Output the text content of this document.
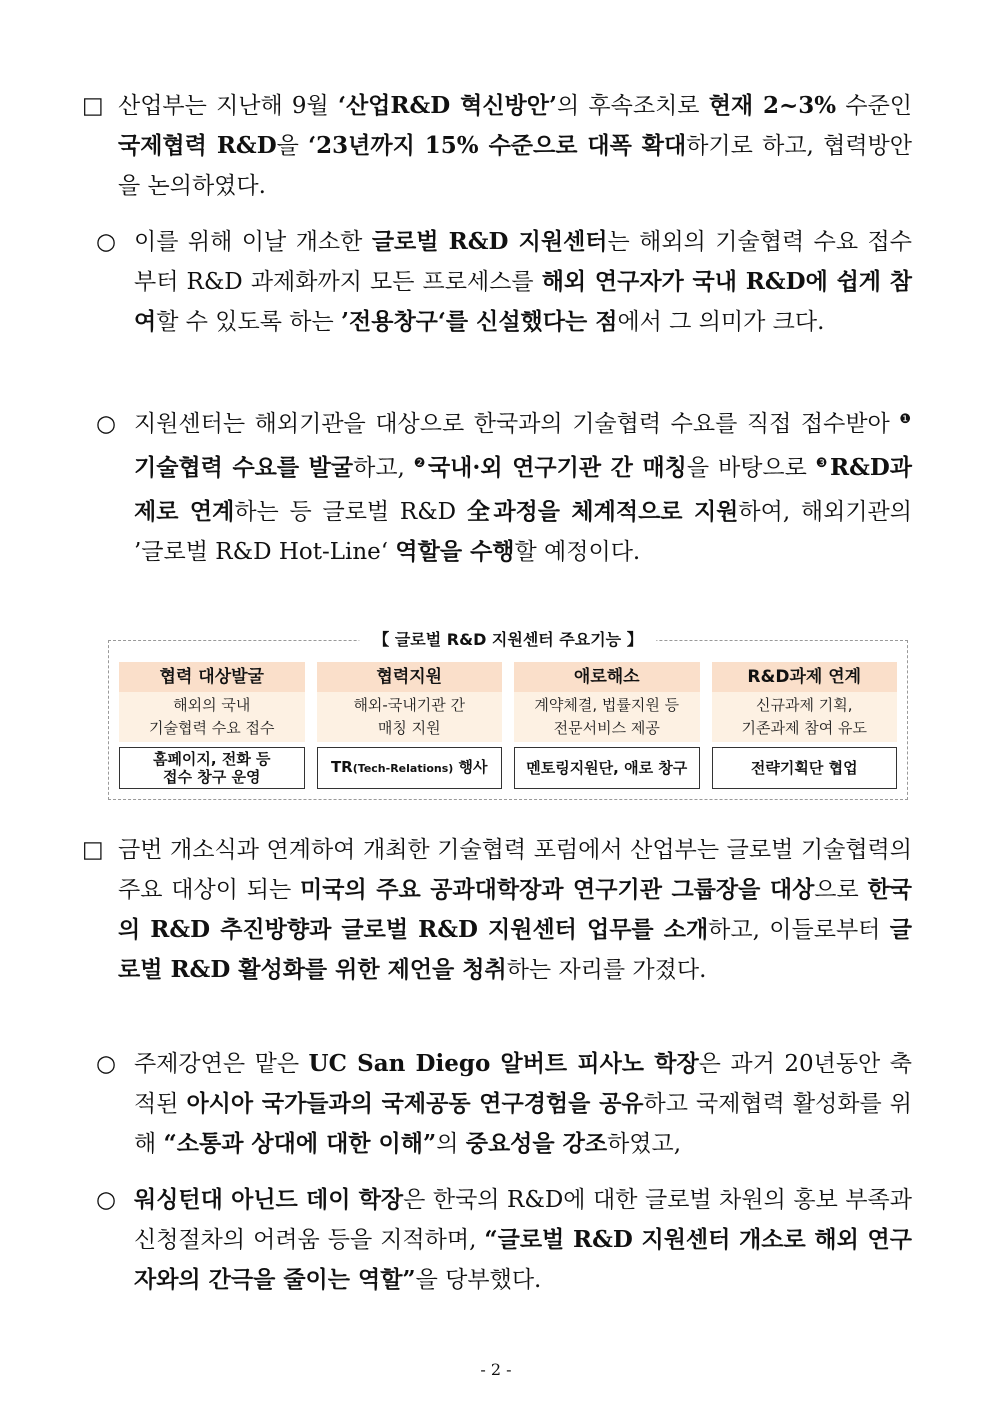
□ 산업부는 지난해 9월 ‘산업R&D 혁신방안’의 후속조치로 현재 2~3% 수준인 국제협력 R&D을 ‘23년까지 15% 수준으로 대폭 확대하기로 하고, 협력방안을 논의하였다.
○ 이를 위해 이날 개소한 글로벌 R&D 지원센터는 해외의 기술협력 수요 접수부터 R&D 과제화까지 모든 프로세스를 해외 연구자가 국내 R&D에 쉽게 참여할 수 있도록 하는 ’전용창구‘를 신설했다는 점에서 그 의미가 크다.
○ 지원센터는 해외기관을 대상으로 한국과의 기술협력 수요를 직접 접수받아 $^❶$기술협력 수요를 발굴하고, $^❷$국내·외 연구기관 간 매칭을 바탕으로 $^❸$R&D과제로 연계하는 등 글로벌 R&D 全과정을 체계적으로 지원하여, 해외기관의 ’글로벌 R&D Hot-Line‘ 역할을 수행할 예정이다.
【 글로벌 R&D 지원센터 주요기능 】
협력 대상발굴
해외의 국내
기술협력 수요 접수
홈페이지, 전화 등
접수 창구 운영
협력지원
해외-국내기관 간
매칭 지원
TR(Tech-Relations) 행사
애로해소
계약체결, 법률지원 등
전문서비스 제공
멘토링지원단, 애로 창구
R&D과제 연계
신규과제 기획,
기존과제 참여 유도
전략기획단 협업
□ 금번 개소식과 연계하여 개최한 기술협력 포럼에서 산업부는 글로벌 기술협력의 주요 대상이 되는 미국의 주요 공과대학장과 연구기관 그룹장을 대상으로 한국의 R&D 추진방향과 글로벌 R&D 지원센터 업무를 소개하고, 이들로부터 글로벌 R&D 활성화를 위한 제언을 청취하는 자리를 가졌다.
○ 주제강연은 맡은 UC San Diego 알버트 피사노 학장은 과거 20년동안 축적된 아시아 국가들과의 국제공동 연구경험을 공유하고 국제협력 활성화를 위해 “소통과 상대에 대한 이해”의 중요성을 강조하였고,
○ 워싱턴대 아닌드 데이 학장은 한국의 R&D에 대한 글로벌 차원의 홍보 부족과 신청절차의 어려움 등을 지적하며, “글로벌 R&D 지원센터 개소로 해외 연구자와의 간극을 줄이는 역할”을 당부했다.
- 2 -
